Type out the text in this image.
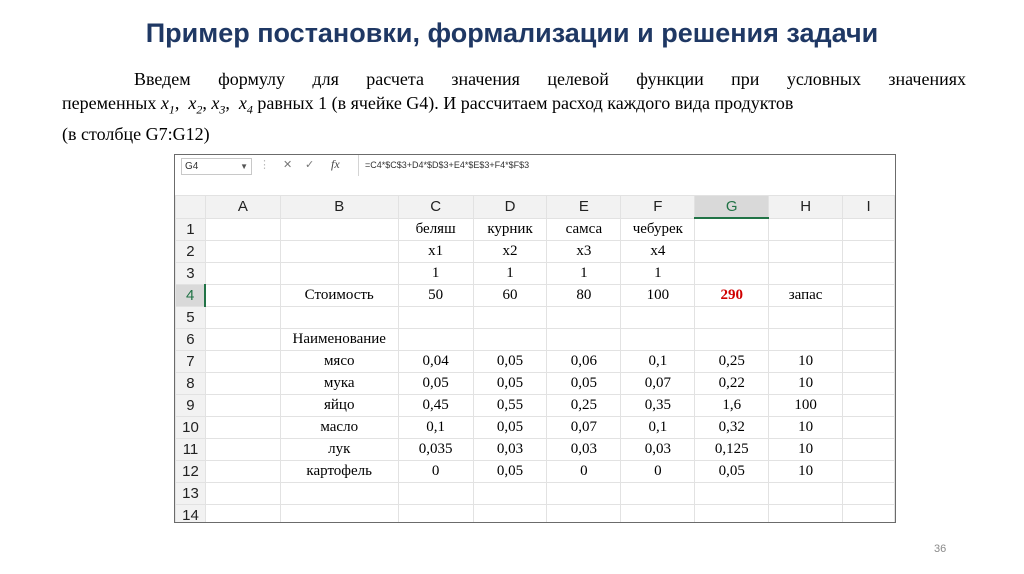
Пример постановки, формализации и решения задачи
Введем формулу для расчета значения целевой функции при условных значениях
переменных $x_1$,  $x_2$, $x_3$,  $x_4$ равных 1 (в ячейке G4). И рассчитаем расход каждого вида продуктов
(в столбце G7:G12)
G4	▼ ⋮ ✕ ✓ fx	=C4*$C$3+D4*$D$3+E4*$E$3+F4*$F$3
	A	B	C	D	E	F	G	H	I
1			беляш	курник	самса	чебурек			
2			x1	x2	x3	x4			
3			1	1	1	1			
4		Стоимость	50	60	80	100	290	запас	
5									
6		Наименование							
7		мясо	0,04	0,05	0,06	0,1	0,25	10	
8		мука	0,05	0,05	0,05	0,07	0,22	10	
9		яйцо	0,45	0,55	0,25	0,35	1,6	100	
10		масло	0,1	0,05	0,07	0,1	0,32	10	
11		лук	0,035	0,03	0,03	0,03	0,125	10	
12		картофель	0	0,05	0	0	0,05	10	
13									
14									
36
